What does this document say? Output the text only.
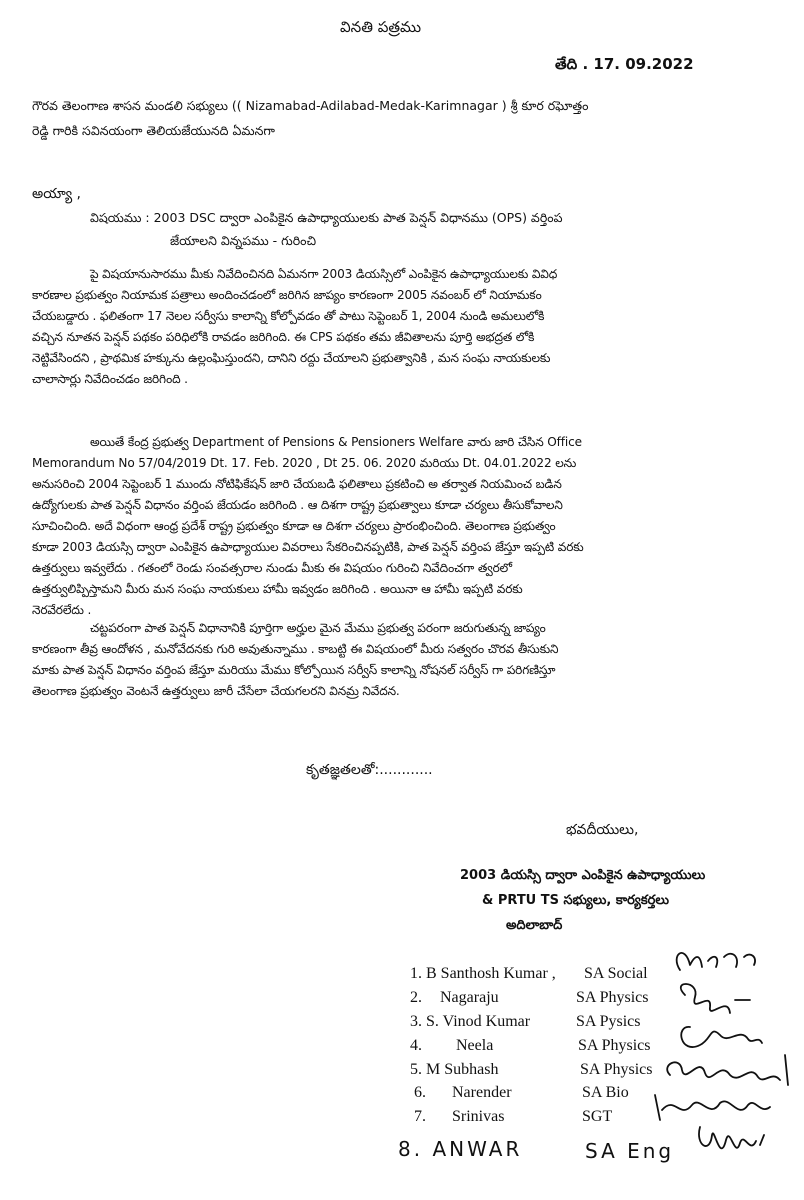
వినతి పత్రము
తేది . 17. 09.2022
గౌరవ తెలంగాణ శాసన మండలి సభ్యులు (( Nizamabad-Adilabad-Medak-Karimnagar ) శ్రీ కూర రఘోత్తం
రెడ్డి గారికి సవినయంగా తెలియజేయునది ఏమనగా
అయ్యా ,
విషయము : 2003 DSC ద్వారా ఎంపికైన ఉపాధ్యాయులకు పాత పెన్షన్ విధానము (OPS) వర్తింప
జేయాలని విన్నపము - గురించి
పై విషయానుసారము మీకు నివేదించినది ఏమనగా 2003 డియస్సిలో ఎంపికైన ఉపాధ్యాయులకు వివిధ
కారణాల ప్రభుత్వం నియామక పత్రాలు అందించడంలో జరిగిన జాప్యం కారణంగా 2005 నవంబర్ లో నియామకం
చేయబడ్డారు . ఫలితంగా 17 నెలల సర్వీసు కాలాన్ని కోల్పోవడం తో పాటు సెప్టెంబర్ 1, 2004 నుండి అమలులోకి
వచ్చిన నూతన పెన్షన్ పథకం పరిధిలోకి రావడం జరిగింది. ఈ CPS పథకం తమ జీవితాలను పూర్తి అభద్రత లోకి
నెట్టివేసిందని , ప్రాథమిక హక్కును ఉల్లంఘిస్తుందని, దానిని రద్దు చేయాలని ప్రభుత్వానికి , మన సంఘ నాయకులకు
చాలాసార్లు నివేదించడం జరిగింది .
అయితే కేంద్ర ప్రభుత్వ Department of Pensions & Pensioners Welfare వారు జారి చేసిన Office
Memorandum No 57/04/2019 Dt. 17. Feb. 2020 , Dt 25. 06. 2020 మరియు Dt. 04.01.2022 లను
అనుసరించి 2004 సెప్టెంబర్ 1 ముందు నోటిఫికేషన్ జారి చేయబడి ఫలితాలు ప్రకటించి అ తర్వాత నియమించ బడిన
ఉద్యోగులకు పాత పెన్షన్ విధానం వర్తింప జేయడం జరిగింది . ఆ దిశగా రాష్ట్ర ప్రభుత్వాలు కూడా చర్యలు తీసుకోవాలని
సూచించింది. అదే విధంగా ఆంధ్ర ప్రదేశ్ రాష్ట్ర ప్రభుత్వం కూడా ఆ దిశగా చర్యలు ప్రారంభించింది. తెలంగాణ ప్రభుత్వం
కూడా 2003 డియస్సి ద్వారా ఎంపికైన ఉపాధ్యాయుల వివరాలు సేకరించినప్పటికి, పాత పెన్షన్ వర్తింప జేస్తూ ఇప్పటి వరకు
ఉత్తర్వులు ఇవ్వలేదు . గతంలో రెండు సంవత్సరాల నుండు మీకు ఈ విషయం గురించి నివేదించగా త్వరలో
ఉత్తర్వులిప్పిస్తామని మీరు మన సంఘ నాయకులు హామీ ఇవ్వడం జరిగింది . అయినా ఆ హామీ ఇప్పటి వరకు
నెరవేరలేదు .
చట్టపరంగా పాత పెన్షన్ విధానానికి పూర్తిగా అర్హుల మైన మేము ప్రభుత్వ పరంగా జరుగుతున్న జాప్యం
కారణంగా తీవ్ర ఆందోళన , మనోవేదనకు గురి అవుతున్నాము . కాబట్టి ఈ విషయంలో మీరు సత్వరం చొరవ తీసుకుని
మాకు పాత పెన్షన్ విధానం వర్తింప జేస్తూ మరియు మేము కోల్పోయిన సర్వీస్ కాలాన్ని నోషనల్ సర్వీస్ గా పరిగణిస్తూ
తెలంగాణ ప్రభుత్వం వెంటనే ఉత్తర్వులు జారీ చేసేలా చేయగలరని వినమ్ర నివేదన.
కృతజ్ఞతలతో:............
భవదీయులు,
2003 డియస్సి ద్వారా ఎంపికైన ఉపాధ్యాయులు
& PRTU TS సభ్యులు, కార్యకర్తలు
అదిలాబాద్
1. B Santhosh Kumar , SA Social
2. Nagaraju	SA Physics
3. S. Vinod Kumar	SA Pysics
4. Neela	SA Physics
5. M Subhash	SA Physics
6. Narender	SA Bio
7. Srinivas	SGT
8. ANWAR	SA Eng
